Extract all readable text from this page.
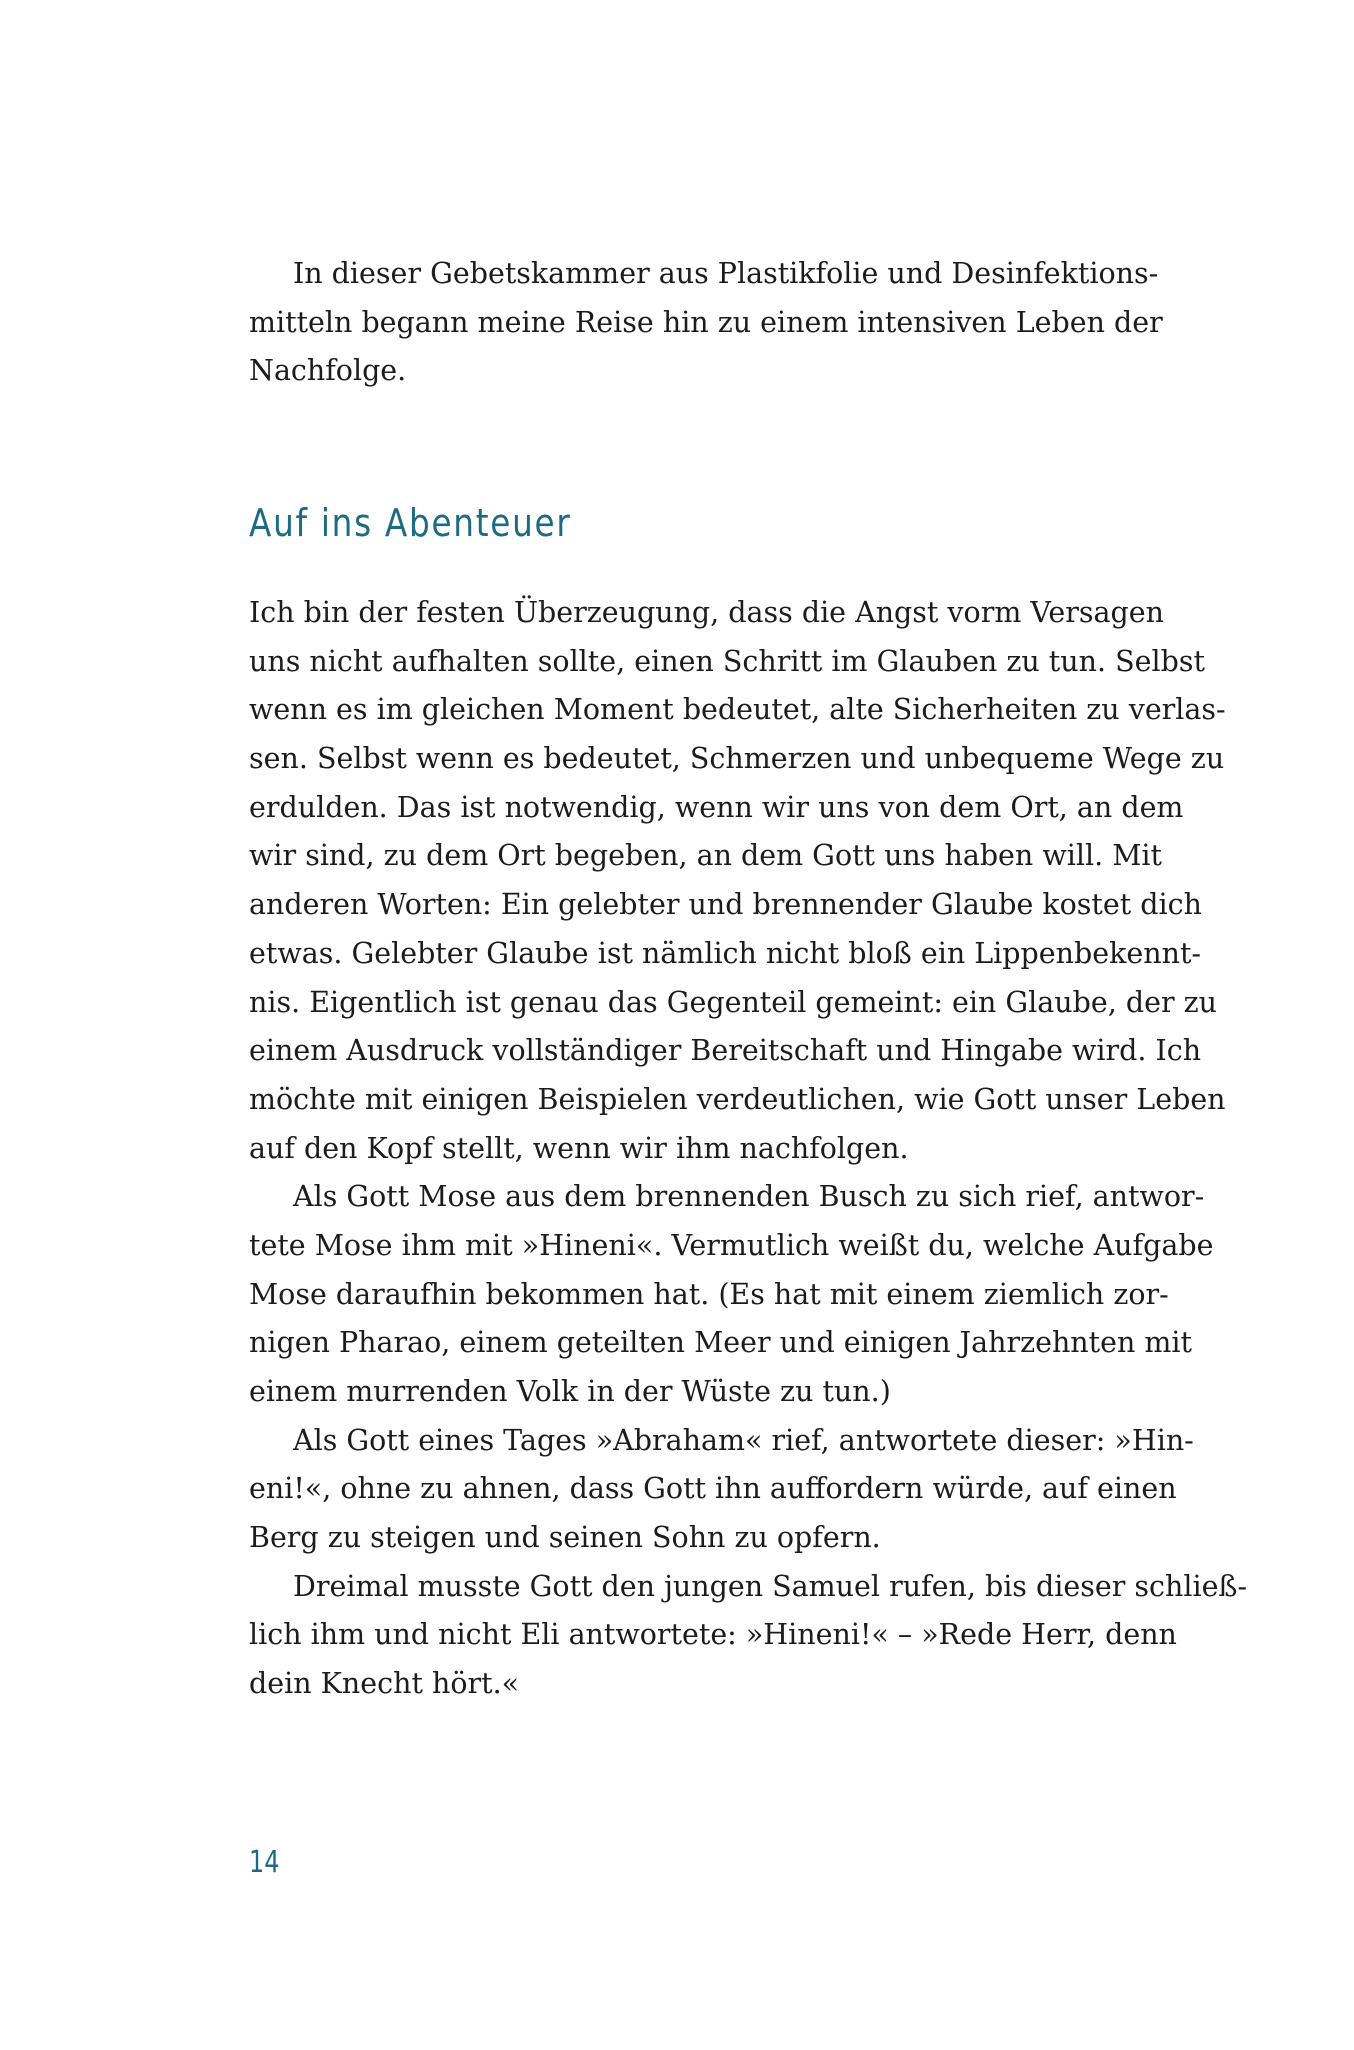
In dieser Gebetskammer aus Plastikfolie und Desinfektions-
mitteln begann meine Reise hin zu einem intensiven Leben der
Nachfolge.
Auf ins Abenteuer
Ich bin der festen Überzeugung, dass die Angst vorm Versagen
uns nicht aufhalten sollte, einen Schritt im Glauben zu tun. Selbst
wenn es im gleichen Moment bedeutet, alte Sicherheiten zu verlas-
sen. Selbst wenn es bedeutet, Schmerzen und unbequeme Wege zu
erdulden. Das ist notwendig, wenn wir uns von dem Ort, an dem
wir sind, zu dem Ort begeben, an dem Gott uns haben will. Mit
anderen Worten: Ein gelebter und brennender Glaube kostet dich
etwas. Gelebter Glaube ist nämlich nicht bloß ein Lippenbekennt-
nis. Eigentlich ist genau das Gegenteil gemeint: ein Glaube, der zu
einem Ausdruck vollständiger Bereitschaft und Hingabe wird. Ich
möchte mit einigen Beispielen verdeutlichen, wie Gott unser Leben
auf den Kopf stellt, wenn wir ihm nachfolgen.
Als Gott Mose aus dem brennenden Busch zu sich rief, antwor-
tete Mose ihm mit »Hineni«. Vermutlich weißt du, welche Aufgabe
Mose daraufhin bekommen hat. (Es hat mit einem ziemlich zor-
nigen Pharao, einem geteilten Meer und einigen Jahrzehnten mit
einem murrenden Volk in der Wüste zu tun.)
Als Gott eines Tages »Abraham« rief, antwortete dieser: »Hin-
eni!«, ohne zu ahnen, dass Gott ihn auffordern würde, auf einen
Berg zu steigen und seinen Sohn zu opfern.
Dreimal musste Gott den jungen Samuel rufen, bis dieser schließ-
lich ihm und nicht Eli antwortete: »Hineni!« – »Rede Herr, denn
dein Knecht hört.«
14
